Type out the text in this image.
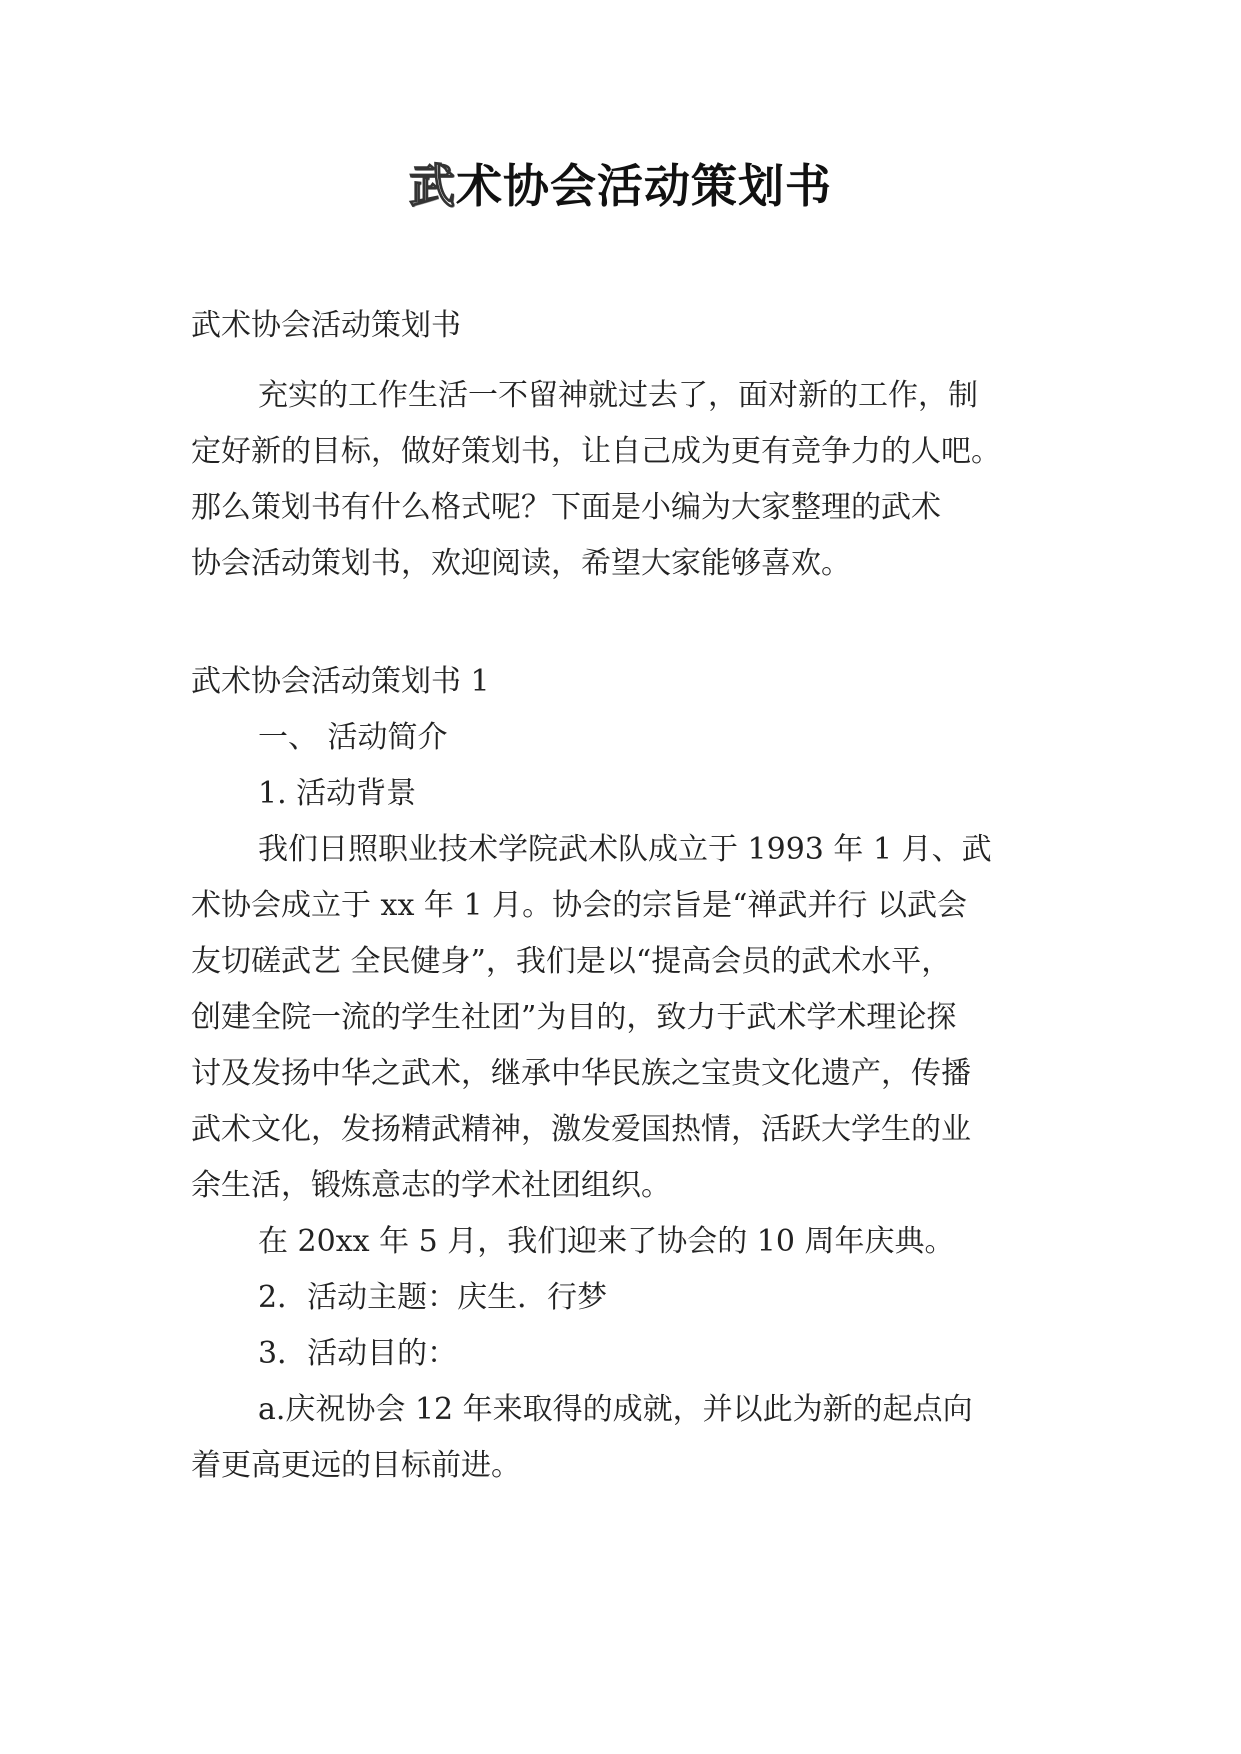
武术协会活动策划书
武术协会活动策划书
充实的工作生活一不留神就过去了，面对新的工作，制
定好新的目标，做好策划书，让自己成为更有竞争力的人吧。
那么策划书有什么格式呢？下面是小编为大家整理的武术
协会活动策划书，欢迎阅读，希望大家能够喜欢。
武术协会活动策划书 1
一、 活动简介
1. 活动背景
我们日照职业技术学院武术队成立于 1993 年 1 月、武
术协会成立于 xx 年 1 月。协会的宗旨是“禅武并行 以武会
友切磋武艺 全民健身”，我们是以“提高会员的武术水平，
创建全院一流的学生社团”为目的，致力于武术学术理论探
讨及发扬中华之武术，继承中华民族之宝贵文化遗产，传播
武术文化，发扬精武精神，激发爱国热情，活跃大学生的业
余生活，锻炼意志的学术社团组织。
在 20xx 年 5 月，我们迎来了协会的 10 周年庆典。
2．活动主题：庆生．行梦
3．活动目的：
a.庆祝协会 12 年来取得的成就，并以此为新的起点向
着更高更远的目标前进。
